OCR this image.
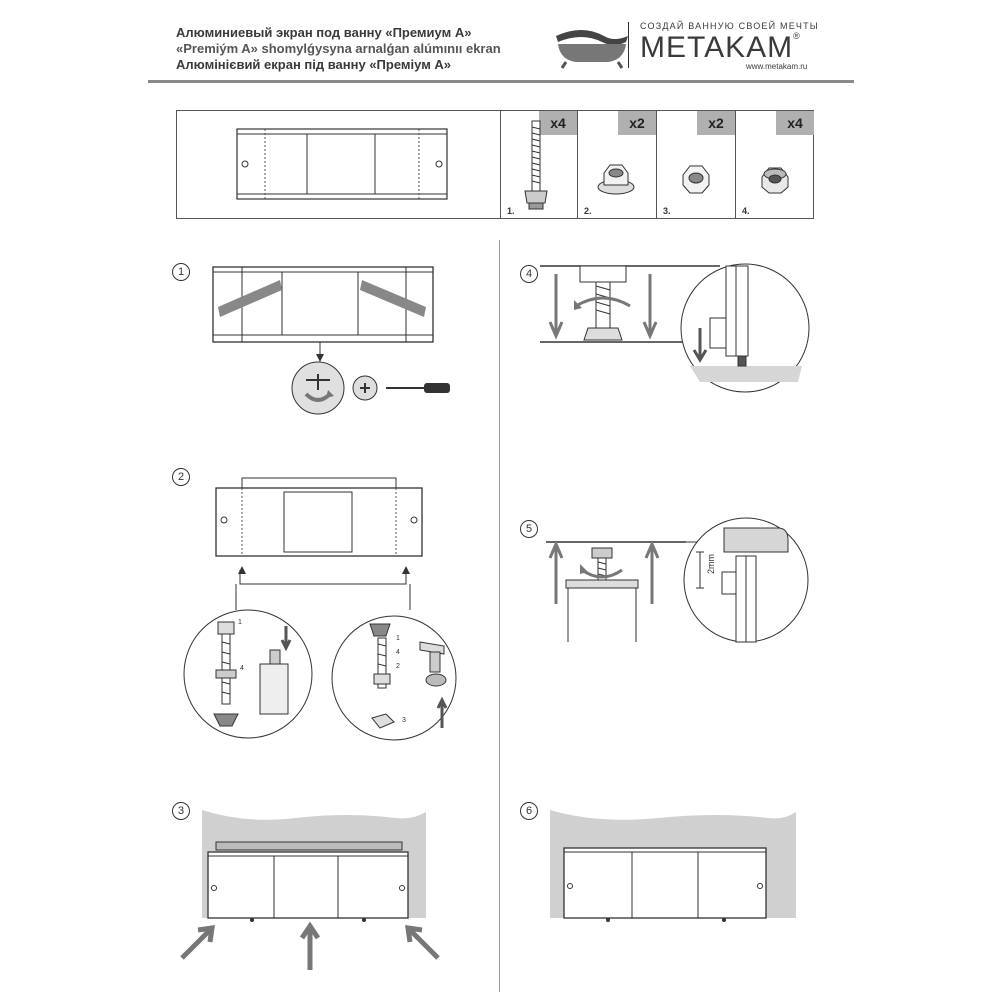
Алюминиевый экран под ванну «Премиум А»
«Premiým A» shomylǵysyna arnalǵan alúmınıı ekran
Алюмінієвий екран під ванну «Преміум А»
СОЗДАЙ ВАННУЮ СВОЕЙ МЕЧТЫ
METAKAM®
www.metakam.ru
x4
1.
x2
2.
x2
3.
x4
4.
1
2
1
4
1
4
2
3
3
4
5
2mm
6
